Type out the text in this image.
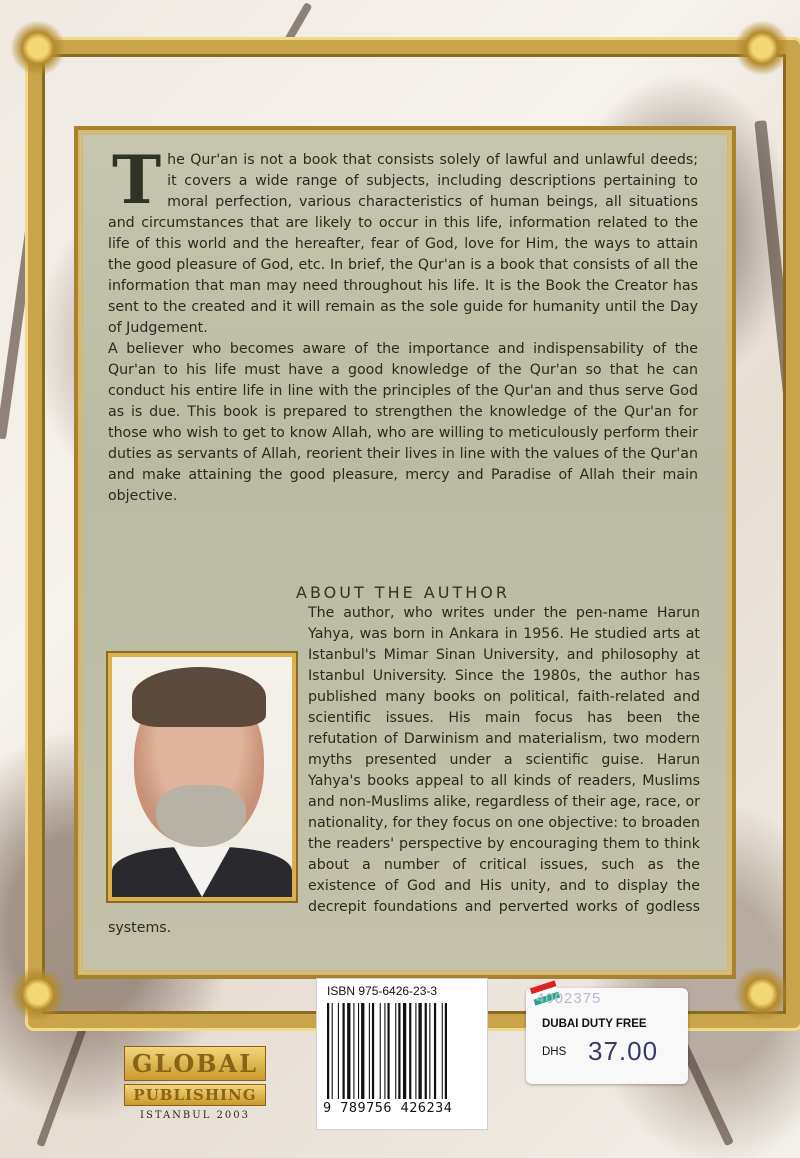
The Qur'an is not a book that consists solely of lawful and unlawful deeds; it covers a wide range of subjects, including descriptions pertaining to moral perfection, various characteristics of human beings, all situations and circumstances that are likely to occur in this life, information related to the life of this world and the hereafter, fear of God, love for Him, the ways to attain the good pleasure of God, etc. In brief, the Qur'an is a book that consists of all the information that man may need throughout his life. It is the Book the Creator has sent to the created and it will remain as the sole guide for humanity until the Day of Judgement.

A believer who becomes aware of the importance and indispensability of the Qur'an to his life must have a good knowledge of the Qur'an so that he can conduct his entire life in line with the principles of the Qur'an and thus serve God as is due. This book is prepared to strengthen the knowledge of the Qur'an for those who wish to get to know Allah, who are willing to meticulously perform their duties as servants of Allah, reorient their lives in line with the values of the Qur'an and make attaining the good pleasure, mercy and Paradise of Allah their main objective.

ABOUT THE AUTHOR
The author, who writes under the pen-name Harun Yahya, was born in Ankara in 1956. He studied arts at Istanbul's Mimar Sinan University, and philosophy at Istanbul University. Since the 1980s, the author has published many books on political, faith-related and scientific issues. His main focus has been the refutation of Darwinism and materialism, two modern myths presented under a scientific guise. Harun Yahya's books appeal to all kinds of readers, Muslims and non-Muslims alike, regardless of their age, race, or nationality, for they focus on one objective: to broaden the readers' perspective by encouraging them to think about a number of critical issues, such as the existence of God and His unity, and to display the decrepit foundations and perverted works of godless systems.
ISBN 975-6426-23-3
9 789756 426234
4002375
DUBAI DUTY FREE
DHS 37.00
GLOBAL
PUBLISHING
ISTANBUL 2003
